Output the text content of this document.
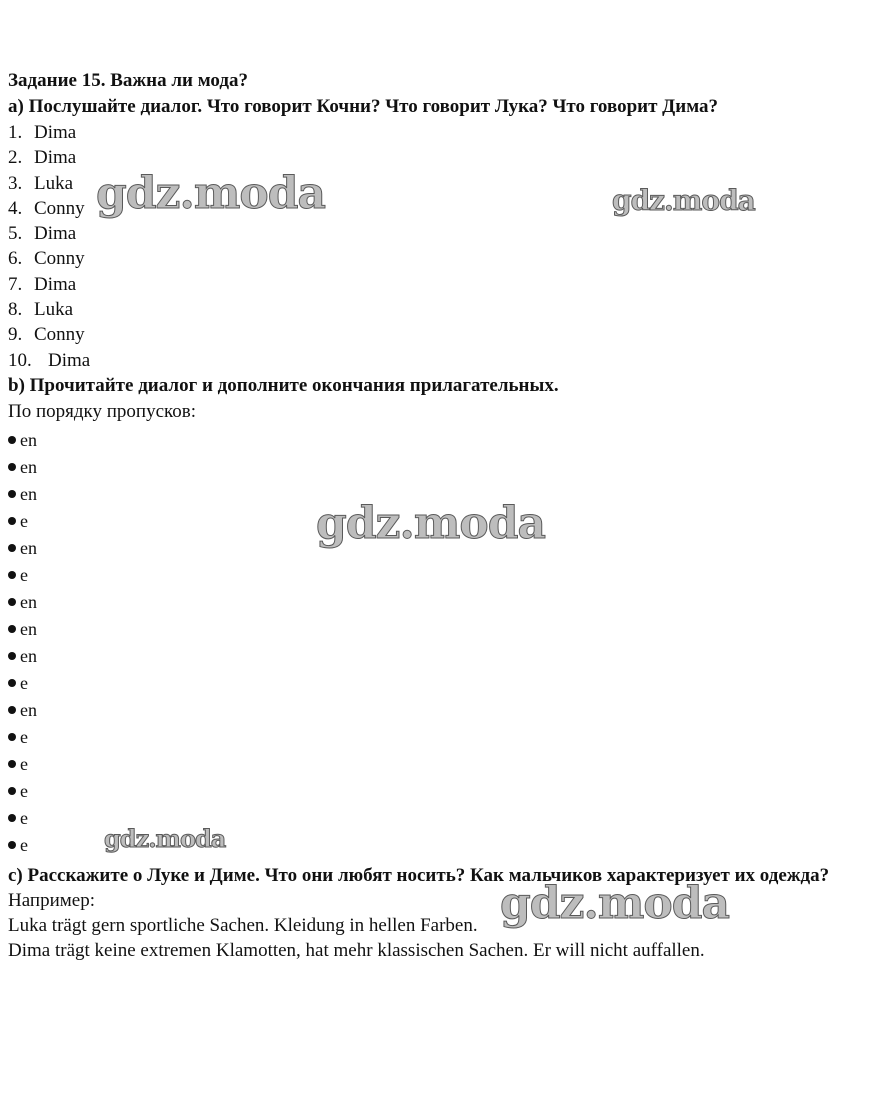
Задание 15. Важна ли мода?

a) Послушайте диалог. Что говорит Кочни? Что говорит Лука? Что говорит Дима?

1. Dima
2. Dima
3. Luka
4. Conny
5. Dima
6. Conny
7. Dima
8. Luka
9. Conny
10. Dima

b) Прочитайте диалог и дополните окончания прилагательных.

По порядку пропусков:

en
en
en
e
en
e
en
en
en
e
en
e
e
e
e
e

c) Расскажите о Луке и Диме. Что они любят носить? Как мальчиков характеризует их одежда?

Например:

Luka trägt gern sportliche Sachen. Kleidung in hellen Farben.

Dima trägt keine extremen Klamotten, hat mehr klassischen Sachen. Er will nicht auffallen.

gdz.moda	gdz.moda
gdz.moda
gdz.moda
gdz.moda
